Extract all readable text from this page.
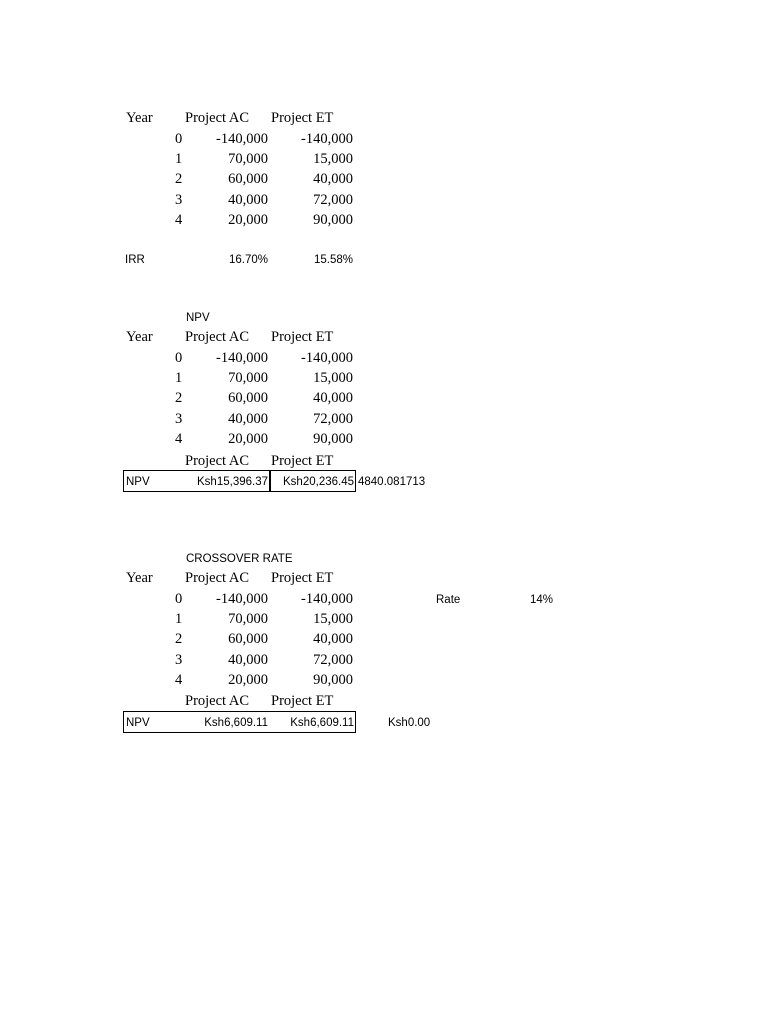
Year Project AC Project ET
0	-140,000	-140,000
1	70,000	15,000
2	60,000	40,000
3	40,000	72,000
4	20,000	90,000
IRR	16.70%	15.58%
NPV
Year Project AC Project ET
0	-140,000	-140,000
1	70,000	15,000
2	60,000	40,000
3	40,000	72,000
4	20,000	90,000
Project AC Project ET
NPV	Ksh15,396.37	Ksh20,236.45 4840.081713
CROSSOVER RATE
Year Project AC Project ET
0	-140,000	-140,000	Rate	14%
1	70,000	15,000
2	60,000	40,000
3	40,000	72,000
4	20,000	90,000
Project AC Project ET
NPV	Ksh6,609.11	Ksh6,609.11	Ksh0.00
